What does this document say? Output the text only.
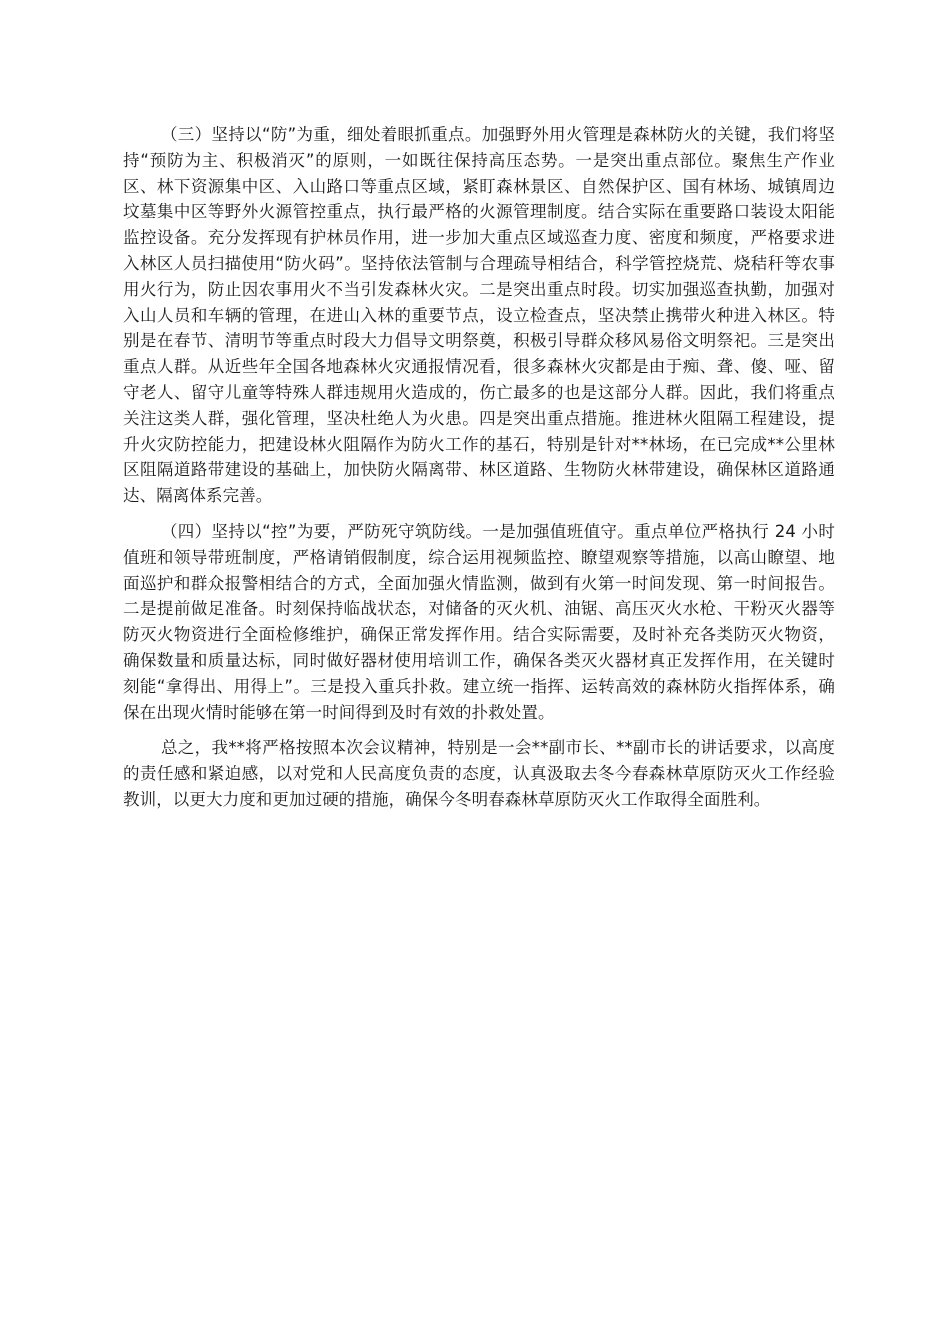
（三）坚持以“防”为重，细处着眼抓重点。加强野外用火管理是森林防火的关键，我们将坚持“预防为主、积极消灭”的原则，一如既往保持高压态势。一是突出重点部位。聚焦生产作业区、林下资源集中区、入山路口等重点区域，紧盯森林景区、自然保护区、国有林场、城镇周边坟墓集中区等野外火源管控重点，执行最严格的火源管理制度。结合实际在重要路口装设太阳能监控设备。充分发挥现有护林员作用，进一步加大重点区域巡查力度、密度和频度，严格要求进入林区人员扫描使用“防火码”。坚持依法管制与合理疏导相结合，科学管控烧荒、烧秸秆等农事用火行为，防止因农事用火不当引发森林火灾。二是突出重点时段。切实加强巡查执勤，加强对入山人员和车辆的管理，在进山入林的重要节点，设立检查点，坚决禁止携带火种进入林区。特别是在春节、清明节等重点时段大力倡导文明祭奠，积极引导群众移风易俗文明祭祀。三是突出重点人群。从近些年全国各地森林火灾通报情况看，很多森林火灾都是由于痴、聋、傻、哑、留守老人、留守儿童等特殊人群违规用火造成的，伤亡最多的也是这部分人群。因此，我们将重点关注这类人群，强化管理，坚决杜绝人为火患。四是突出重点措施。推进林火阻隔工程建设，提升火灾防控能力，把建设林火阻隔作为防火工作的基石，特别是针对**林场，在已完成**公里林区阻隔道路带建设的基础上，加快防火隔离带、林区道路、生物防火林带建设，确保林区道路通达、隔离体系完善。

（四）坚持以“控”为要，严防死守筑防线。一是加强值班值守。重点单位严格执行 24 小时值班和领导带班制度，严格请销假制度，综合运用视频监控、瞭望观察等措施，以高山瞭望、地面巡护和群众报警相结合的方式，全面加强火情监测，做到有火第一时间发现、第一时间报告。二是提前做足准备。时刻保持临战状态，对储备的灭火机、油锯、高压灭火水枪、干粉灭火器等防灭火物资进行全面检修维护，确保正常发挥作用。结合实际需要，及时补充各类防灭火物资，确保数量和质量达标，同时做好器材使用培训工作，确保各类灭火器材真正发挥作用，在关键时刻能“拿得出、用得上”。三是投入重兵扑救。建立统一指挥、运转高效的森林防火指挥体系，确保在出现火情时能够在第一时间得到及时有效的扑救处置。

总之，我**将严格按照本次会议精神，特别是一会**副市长、**副市长的讲话要求，以高度的责任感和紧迫感，以对党和人民高度负责的态度，认真汲取去冬今春森林草原防灭火工作经验教训，以更大力度和更加过硬的措施，确保今冬明春森林草原防灭火工作取得全面胜利。
